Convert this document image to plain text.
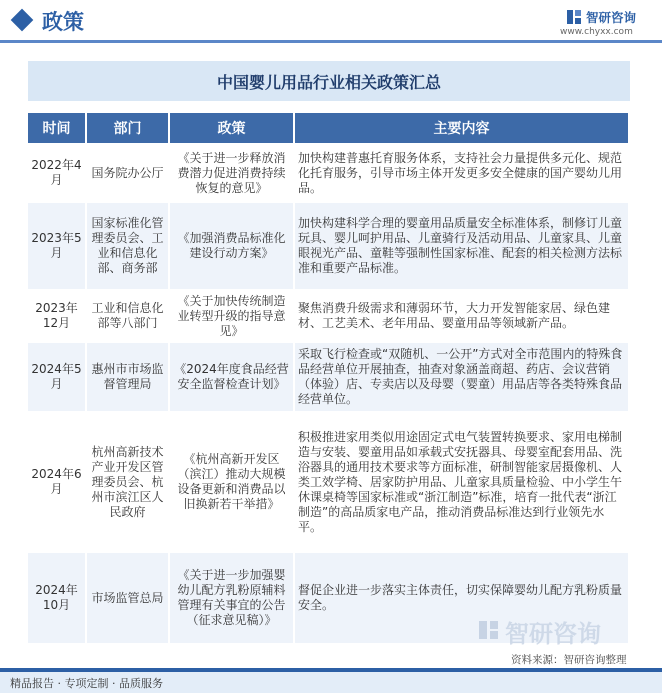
政策	智研咨询
www.chyxx.com
中国婴儿用品行业相关政策汇总
时间	部门	政策	主要内容
2022年4月	国务院办公厅	《关于进一步释放消费潜力促进消费持续恢复的意见》	加快构建普惠托育服务体系，支持社会力量提供多元化、规范化托育服务，引导市场主体开发更多安全健康的国产婴幼儿用品。
2023年5月	国家标准化管理委员会、工业和信息化部、商务部	《加强消费品标准化建设行动方案》	加快构建科学合理的婴童用品质量安全标准体系，制修订儿童玩具、婴儿呵护用品、儿童骑行及活动用品、儿童家具、儿童眼视光产品、童鞋等强制性国家标准、配套的相关检测方法标准和重要产品标准。
2023年12月	工业和信息化部等八部门	《关于加快传统制造业转型升级的指导意见》	聚焦消费升级需求和薄弱环节，大力开发智能家居、绿色建材、工艺美术、老年用品、婴童用品等领域新产品。
2024年5月	惠州市市场监督管理局	《2024年度食品经营安全监督检查计划》	采取飞行检查或“双随机、一公开”方式对全市范围内的特殊食品经营单位开展抽查，抽查对象涵盖商超、药店、会议营销（体验）店、专卖店以及母婴（婴童）用品店等各类特殊食品经营单位。
2024年6月	杭州高新技术产业开发区管理委员会、杭州市滨江区人民政府	《杭州高新开发区（滨江）推动大规模设备更新和消费品以旧换新若干举措》	积极推进家用类似用途固定式电气装置转换要求、家用电梯制造与安装、婴童用品如承载式安抚器具、母婴室配套用品、洗浴器具的通用技术要求等方面标准，研制智能家居摄像机、人类工效学椅、居家防护用品、儿童家具质量检验、中小学生午休课桌椅等国家标准或“浙江制造”标准，培育一批代表“浙江制造”的高品质家电产品，推动消费品标准达到行业领先水平。
2024年10月	市场监管总局	《关于进一步加强婴幼儿配方乳粉原辅料管理有关事宜的公告（征求意见稿）》	督促企业进一步落实主体责任，切实保障婴幼儿配方乳粉质量安全。
智研咨询
资料来源：智研咨询整理
精品报告 · 专项定制 · 品质服务
